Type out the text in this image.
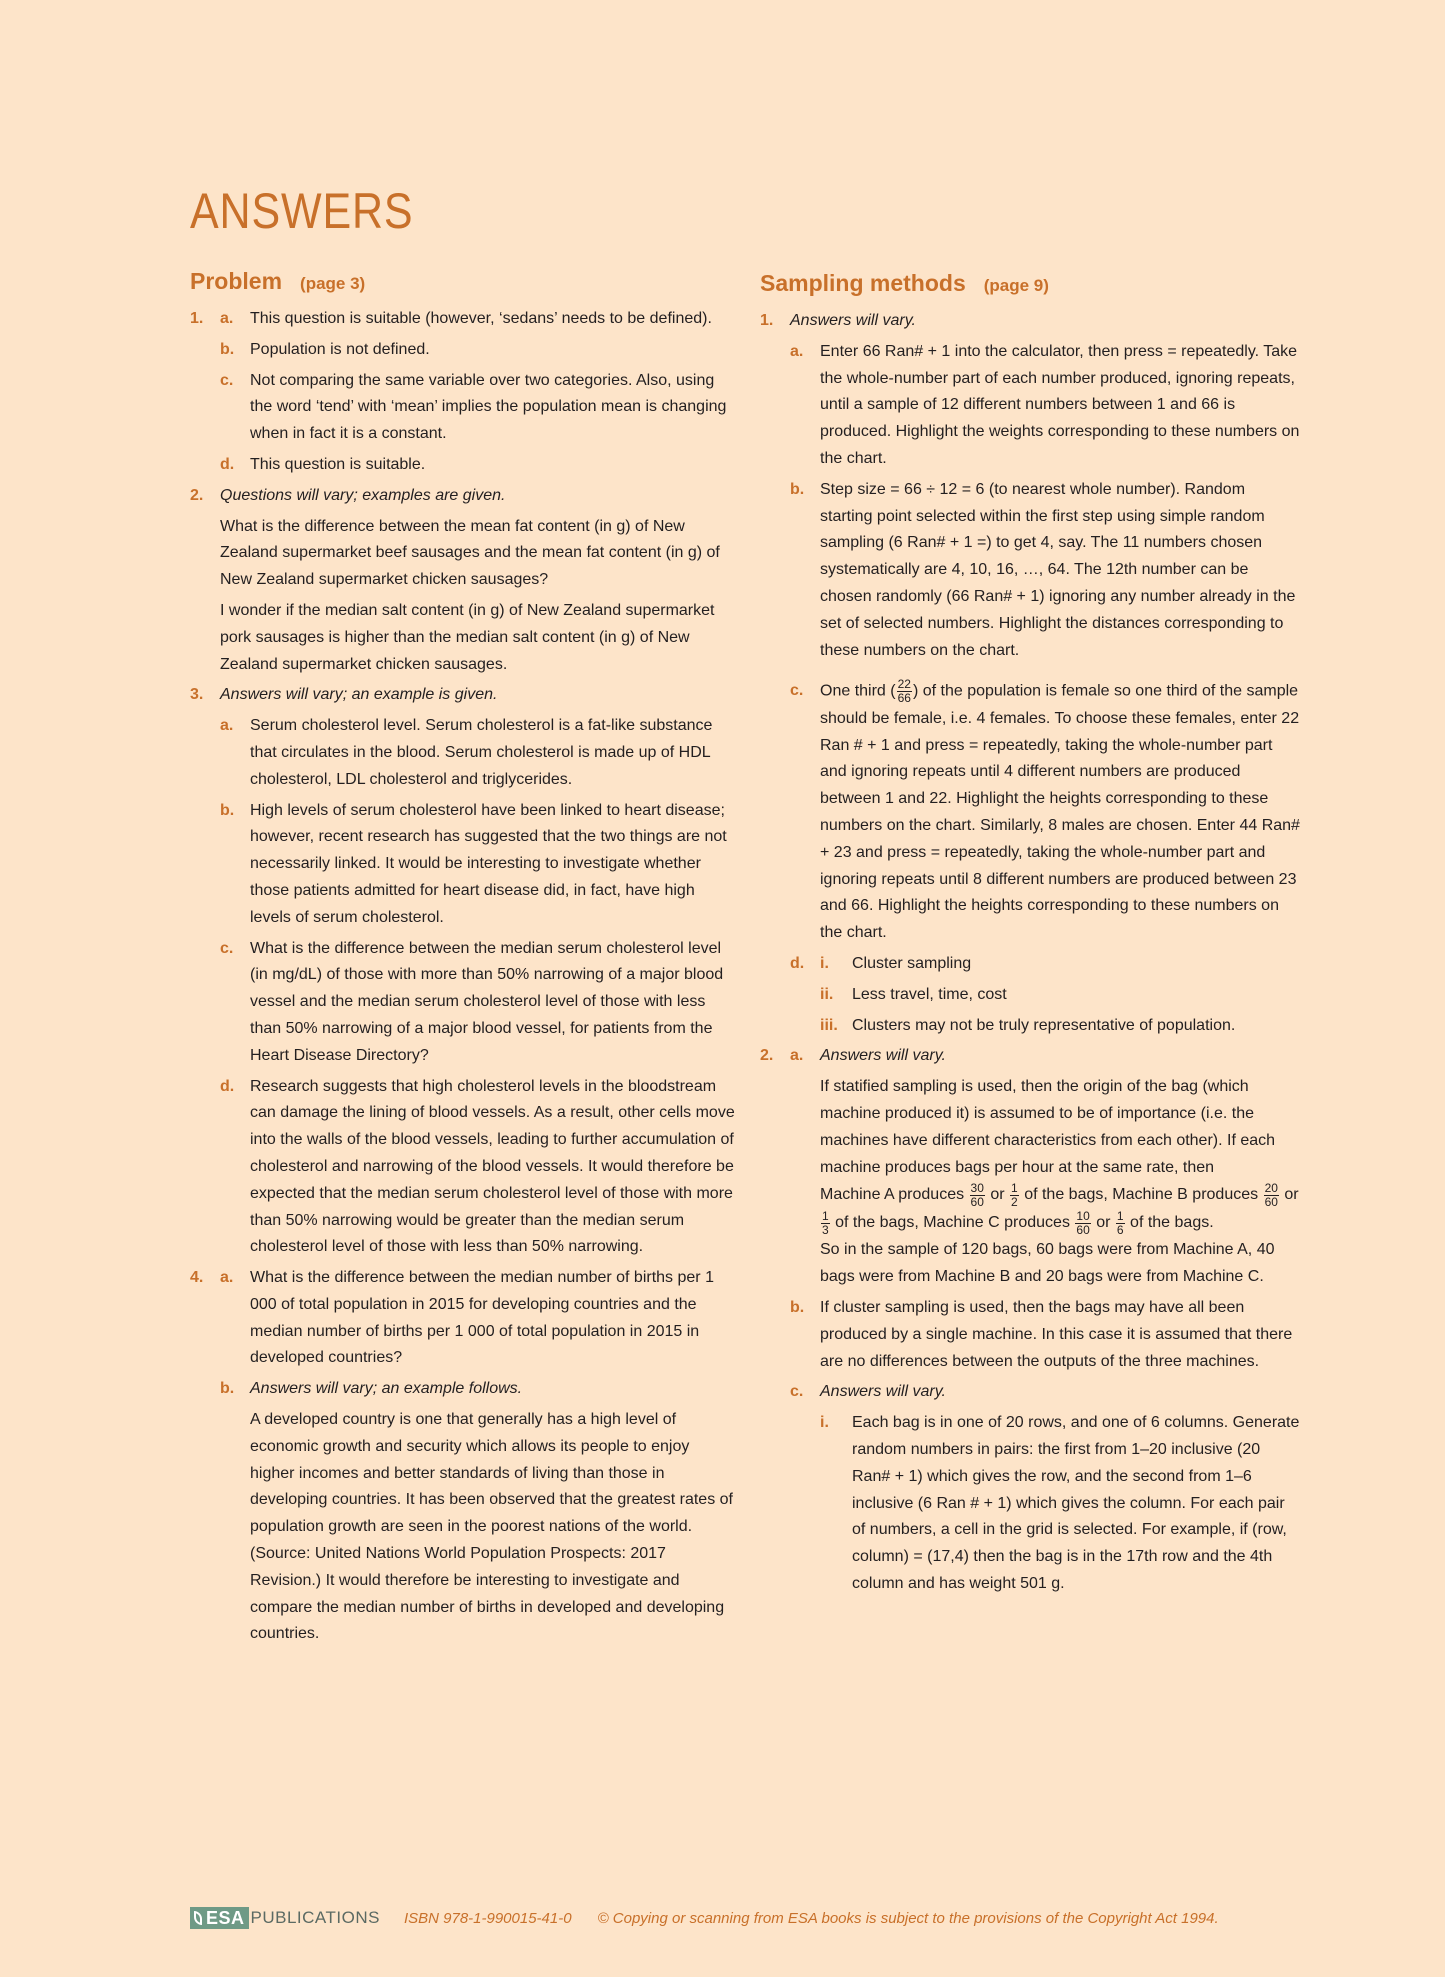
ANSWERS
Problem (page 3)
1.	a.	This question is suitable (however, ‘sedans’ needs to be defined).
b. Population is not defined.
c.	Not comparing the same variable over two categories. Also, using the word ‘tend’ with ‘mean’ implies the population mean is changing when in fact it is a constant.
d. This question is suitable.
2.	Questions will vary; examples are given.
What is the difference between the mean fat content (in g) of New Zealand supermarket beef sausages and the mean fat content (in g) of New Zealand supermarket chicken sausages?
I wonder if the median salt content (in g) of New Zealand supermarket pork sausages is higher than the median salt content (in g) of New Zealand supermarket chicken sausages.
3.	Answers will vary; an example is given.
a.	Serum cholesterol level. Serum cholesterol is a fat-like substance that circulates in the blood. Serum cholesterol is made up of HDL cholesterol, LDL cholesterol and triglycerides.
b. High levels of serum cholesterol have been linked to heart disease; however, recent research has suggested that the two things are not necessarily linked. It would be interesting to investigate whether those patients admitted for heart disease did, in fact, have high levels of serum cholesterol.
c.	What is the difference between the median serum cholesterol level (in mg/dL) of those with more than 50% narrowing of a major blood vessel and the median serum cholesterol level of those with less than 50% narrowing of a major blood vessel, for patients from the Heart Disease Directory?
d. Research suggests that high cholesterol levels in the bloodstream can damage the lining of blood vessels. As a result, other cells move into the walls of the blood vessels, leading to further accumulation of cholesterol and narrowing of the blood vessels. It would therefore be expected that the median serum cholesterol level of those with more than 50% narrowing would be greater than the median serum cholesterol level of those with less than 50% narrowing.
4.	a.	What is the difference between the median number of births per 1 000 of total population in 2015 for developing countries and the median number of births per 1 000 of total population in 2015 in developed countries?
b. Answers will vary; an example follows.
A developed country is one that generally has a high level of economic growth and security which allows its people to enjoy higher incomes and better standards of living than those in developing countries. It has been observed that the greatest rates of population growth are seen in the poorest nations of the world. (Source: United Nations World Population Prospects: 2017 Revision.) It would therefore be interesting to investigate and compare the median number of births in developed and developing countries.
Sampling methods (page 9)
1.	Answers will vary.
a.	Enter 66 Ran# + 1 into the calculator, then press = repeatedly. Take the whole-number part of each number produced, ignoring repeats, until a sample of 12 different numbers between 1 and 66 is produced. Highlight the weights corresponding to these numbers on the chart.
b. Step size = 66 ÷ 12 = 6 (to nearest whole number). Random starting point selected within the first step using simple random sampling (6 Ran# + 1 =) to get 4, say. The 11 numbers chosen systematically are 4, 10, 16, …, 64. The 12th number can be chosen randomly (66 Ran# + 1) ignoring any number already in the set of selected numbers. Highlight the distances corresponding to these numbers on the chart.
c.	One third ( $\frac{22}{66}$ ) of the population is female so one third of the sample should be female, i.e. 4 females. To choose these females, enter 22 Ran # + 1 and press = repeatedly, taking the whole-number part and ignoring repeats until 4 different numbers are produced between 1 and 22. Highlight the heights corresponding to these numbers on the chart. Similarly, 8 males are chosen. Enter 44 Ran# + 23 and press = repeatedly, taking the whole-number part and ignoring repeats until 8 different numbers are produced between 23 and 66. Highlight the heights corresponding to these numbers on the chart.
d. i.	Cluster sampling
ii.	Less travel, time, cost
iii. Clusters may not be truly representative of population.
2.	a.	Answers will vary.
If statified sampling is used, then the origin of the bag (which machine produced it) is assumed to be of importance (i.e. the machines have different characteristics from each other). If each machine produces bags per hour at the same rate, then
Machine A produces $\frac{30}{60}$ or $\frac{1}{2}$ of the bags, Machine B produces $\frac{20}{60}$ or
$\frac{1}{3}$ of the bags, Machine C produces $\frac{10}{60}$ or $\frac{1}{6}$ of the bags.
So in the sample of 120 bags, 60 bags were from Machine A, 40 bags were from Machine B and 20 bags were from Machine C.
b. If cluster sampling is used, then the bags may have all been produced by a single machine. In this case it is assumed that there are no differences between the outputs of the three machines.
c.	Answers will vary.
i.	Each bag is in one of 20 rows, and one of 6 columns. Generate random numbers in pairs: the first from 1–20 inclusive (20 Ran# + 1) which gives the row, and the second from 1–6 inclusive (6 Ran # + 1) which gives the column. For each pair of numbers, a cell in the grid is selected. For example, if (row, column) = (17,4) then the bag is in the 17th row and the 4th column and has weight 501 g.
ESA PUBLICATIONS ISBN 978-1-990015-41-0 © Copying or scanning from ESA books is subject to the provisions of the Copyright Act 1994.
